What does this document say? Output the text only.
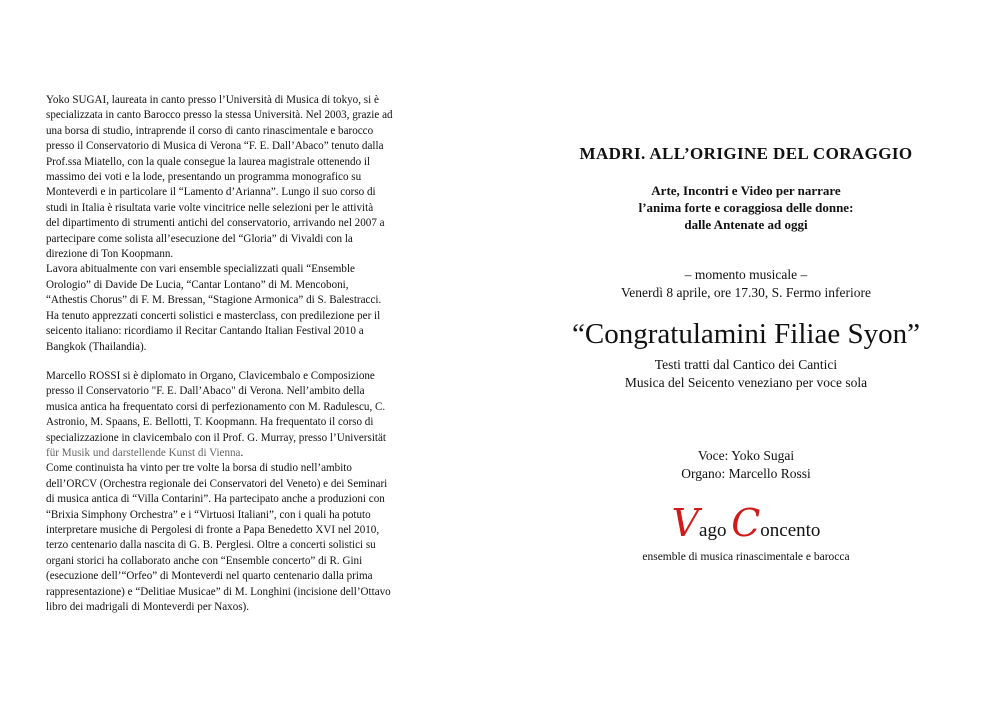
Yoko SUGAI, laureata in canto presso l’Università di Musica di tokyo, si è
specializzata in canto Barocco presso la stessa Università. Nel 2003, grazie ad
una borsa di studio, intraprende il corso di canto rinascimentale e barocco
presso il Conservatorio di Musica di Verona “F. E. Dall’Abaco” tenuto dalla
Prof.ssa Miatello, con la quale consegue la laurea magistrale ottenendo il
massimo dei voti e la lode, presentando un programma monografico su
Monteverdi e in particolare il “Lamento d’Arianna”. Lungo il suo corso di
studi in Italia è risultata varie volte vincitrice nelle selezioni per le attività
del dipartimento di strumenti antichi del conservatorio, arrivando nel 2007 a
partecipare come solista all’esecuzione del “Gloria” di Vivaldi con la
direzione di Ton Koopmann.
Lavora abitualmente con vari ensemble specializzati quali “Ensemble
Orologio” di Davide De Lucia, “Cantar Lontano” di M. Mencoboni,
“Athestis Chorus” di F. M. Bressan, “Stagione Armonica” di S. Balestracci.
Ha tenuto apprezzati concerti solistici e masterclass, con predilezione per il
seicento italiano: ricordiamo il Recitar Cantando Italian Festival 2010 a
Bangkok (Thailandia).

Marcello ROSSI si è diplomato in Organo, Clavicembalo e Composizione
presso il Conservatorio "F. E. Dall’Abaco" di Verona. Nell’ambito della
musica antica ha frequentato corsi di perfezionamento con M. Radulescu, C.
Astronio, M. Spaans, E. Bellotti, T. Koopmann. Ha frequentato il corso di
specializzazione in clavicembalo con il Prof. G. Murray, presso l’Universität
für Musik und darstellende Kunst di Vienna.
Come continuista ha vinto per tre volte la borsa di studio nell’ambito
dell’ORCV (Orchestra regionale dei Conservatori del Veneto) e dei Seminari
di musica antica di “Villa Contarini”. Ha partecipato anche a produzioni con
“Brixia Simphony Orchestra” e i “Virtuosi Italiani”, con i quali ha potuto
interpretare musiche di Pergolesi di fronte a Papa Benedetto XVI nel 2010,
terzo centenario dalla nascita di G. B. Perglesi. Oltre a concerti solistici su
organi storici ha collaborato anche con “Ensemble concerto” di R. Gini
(esecuzione dell’“Orfeo” di Monteverdi nel quarto centenario dalla prima
rappresentazione) e “Delitiae Musicae” di M. Longhini (incisione dell’Ottavo
libro dei madrigali di Monteverdi per Naxos).

MADRI. ALL’ORIGINE DEL CORAGGIO
Arte, Incontri e Video per narrare
l’anima forte e coraggiosa delle donne:
dalle Antenate ad oggi
– momento musicale –
Venerdì 8 aprile, ore 17.30, S. Fermo inferiore
“Congratulamini Filiae Syon”
Testi tratti dal Cantico dei Cantici
Musica del Seicento veneziano per voce sola
Voce: Yoko Sugai
Organo: Marcello Rossi
Vago Concento
ensemble di musica rinascimentale e barocca
